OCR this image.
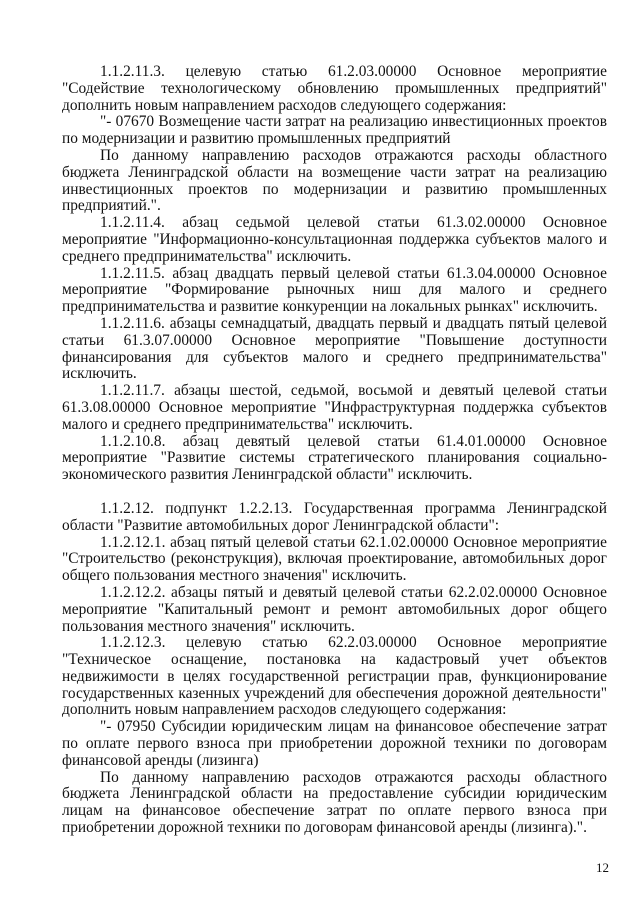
1.1.2.11.3. целевую статью 61.2.03.00000 Основное мероприятие "Содействие технологическому обновлению промышленных предприятий" дополнить новым направлением расходов следующего содержания:

"- 07670 Возмещение части затрат на реализацию инвестиционных проектов по модернизации и развитию промышленных предприятий

По данному направлению расходов отражаются расходы областного бюджета Ленинградской области на возмещение части затрат на реализацию инвестиционных проектов по модернизации и развитию промышленных предприятий.".

1.1.2.11.4. абзац седьмой целевой статьи 61.3.02.00000 Основное мероприятие "Информационно-консультационная поддержка субъектов малого и среднего предпринимательства" исключить.

1.1.2.11.5. абзац двадцать первый целевой статьи 61.3.04.00000 Основное мероприятие "Формирование рыночных ниш для малого и среднего предпринимательства и развитие конкуренции на локальных рынках" исключить.

1.1.2.11.6. абзацы семнадцатый, двадцать первый и двадцать пятый целевой статьи 61.3.07.00000 Основное мероприятие "Повышение доступности финансирования для субъектов малого и среднего предпринимательства" исключить.

1.1.2.11.7. абзацы шестой, седьмой, восьмой и девятый целевой статьи 61.3.08.00000 Основное мероприятие "Инфраструктурная поддержка субъектов малого и среднего предпринимательства" исключить.

1.1.2.10.8. абзац девятый целевой статьи 61.4.01.00000 Основное мероприятие "Развитие системы стратегического планирования социально-экономического развития Ленинградской области" исключить.

1.1.2.12. подпункт 1.2.2.13. Государственная программа Ленинградской области "Развитие автомобильных дорог Ленинградской области":

1.1.2.12.1. абзац пятый целевой статьи 62.1.02.00000 Основное мероприятие "Строительство (реконструкция), включая проектирование, автомобильных дорог общего пользования местного значения" исключить.

1.1.2.12.2. абзацы пятый и девятый целевой статьи 62.2.02.00000 Основное мероприятие "Капитальный ремонт и ремонт автомобильных дорог общего пользования местного значения" исключить.

1.1.2.12.3. целевую статью 62.2.03.00000 Основное мероприятие "Техническое оснащение, постановка на кадастровый учет объектов недвижимости в целях государственной регистрации прав, функционирование государственных казенных учреждений для обеспечения дорожной деятельности" дополнить новым направлением расходов следующего содержания:

"- 07950 Субсидии юридическим лицам на финансовое обеспечение затрат по оплате первого взноса при приобретении дорожной техники по договорам финансовой аренды (лизинга)

По данному направлению расходов отражаются расходы областного бюджета Ленинградской области на предоставление субсидии юридическим лицам на финансовое обеспечение затрат по оплате первого взноса при приобретении дорожной техники по договорам финансовой аренды (лизинга).".

12
